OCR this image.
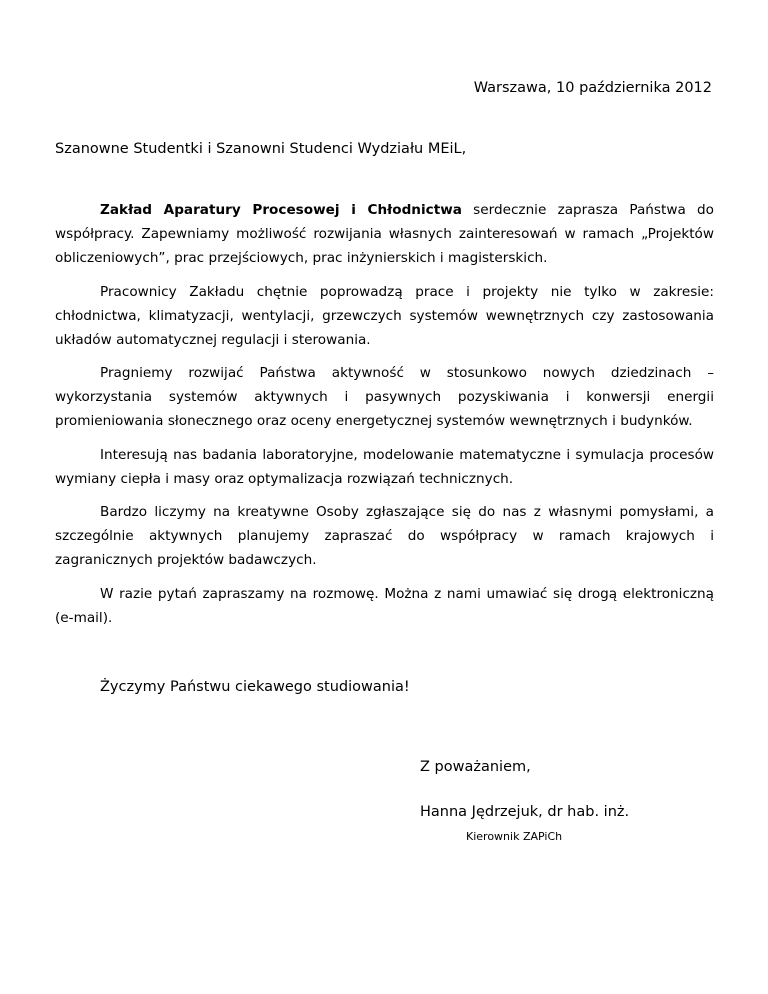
Warszawa, 10 października 2012
Szanowne Studentki i Szanowni Studenci Wydziału MEiL,

Zakład Aparatury Procesowej i Chłodnictwa serdecznie zaprasza Państwa do współpracy. Zapewniamy możliwość rozwijania własnych zainteresowań w ramach „Projektów obliczeniowych”, prac przejściowych, prac inżynierskich i magisterskich.

Pracownicy Zakładu chętnie poprowadzą prace i projekty nie tylko w zakresie: chłodnictwa, klimatyzacji, wentylacji, grzewczych systemów wewnętrznych czy zastosowania układów automatycznej regulacji i sterowania.

Pragniemy rozwijać Państwa aktywność w stosunkowo nowych dziedzinach – wykorzystania systemów aktywnych i pasywnych pozyskiwania i konwersji energii promieniowania słonecznego oraz oceny energetycznej systemów wewnętrznych i budynków.

Interesują nas badania laboratoryjne, modelowanie matematyczne i symulacja procesów wymiany ciepła i masy oraz optymalizacja rozwiązań technicznych.

Bardzo liczymy na kreatywne Osoby zgłaszające się do nas z własnymi pomysłami, a szczególnie aktywnych planujemy zapraszać do współpracy w ramach krajowych i zagranicznych projektów badawczych.

W razie pytań zapraszamy na rozmowę. Można z nami umawiać się drogą elektroniczną (e-mail).

Życzymy Państwu ciekawego studiowania!
Z poważaniem,
Hanna Jędrzejuk, dr hab. inż.
Kierownik ZAPiCh
